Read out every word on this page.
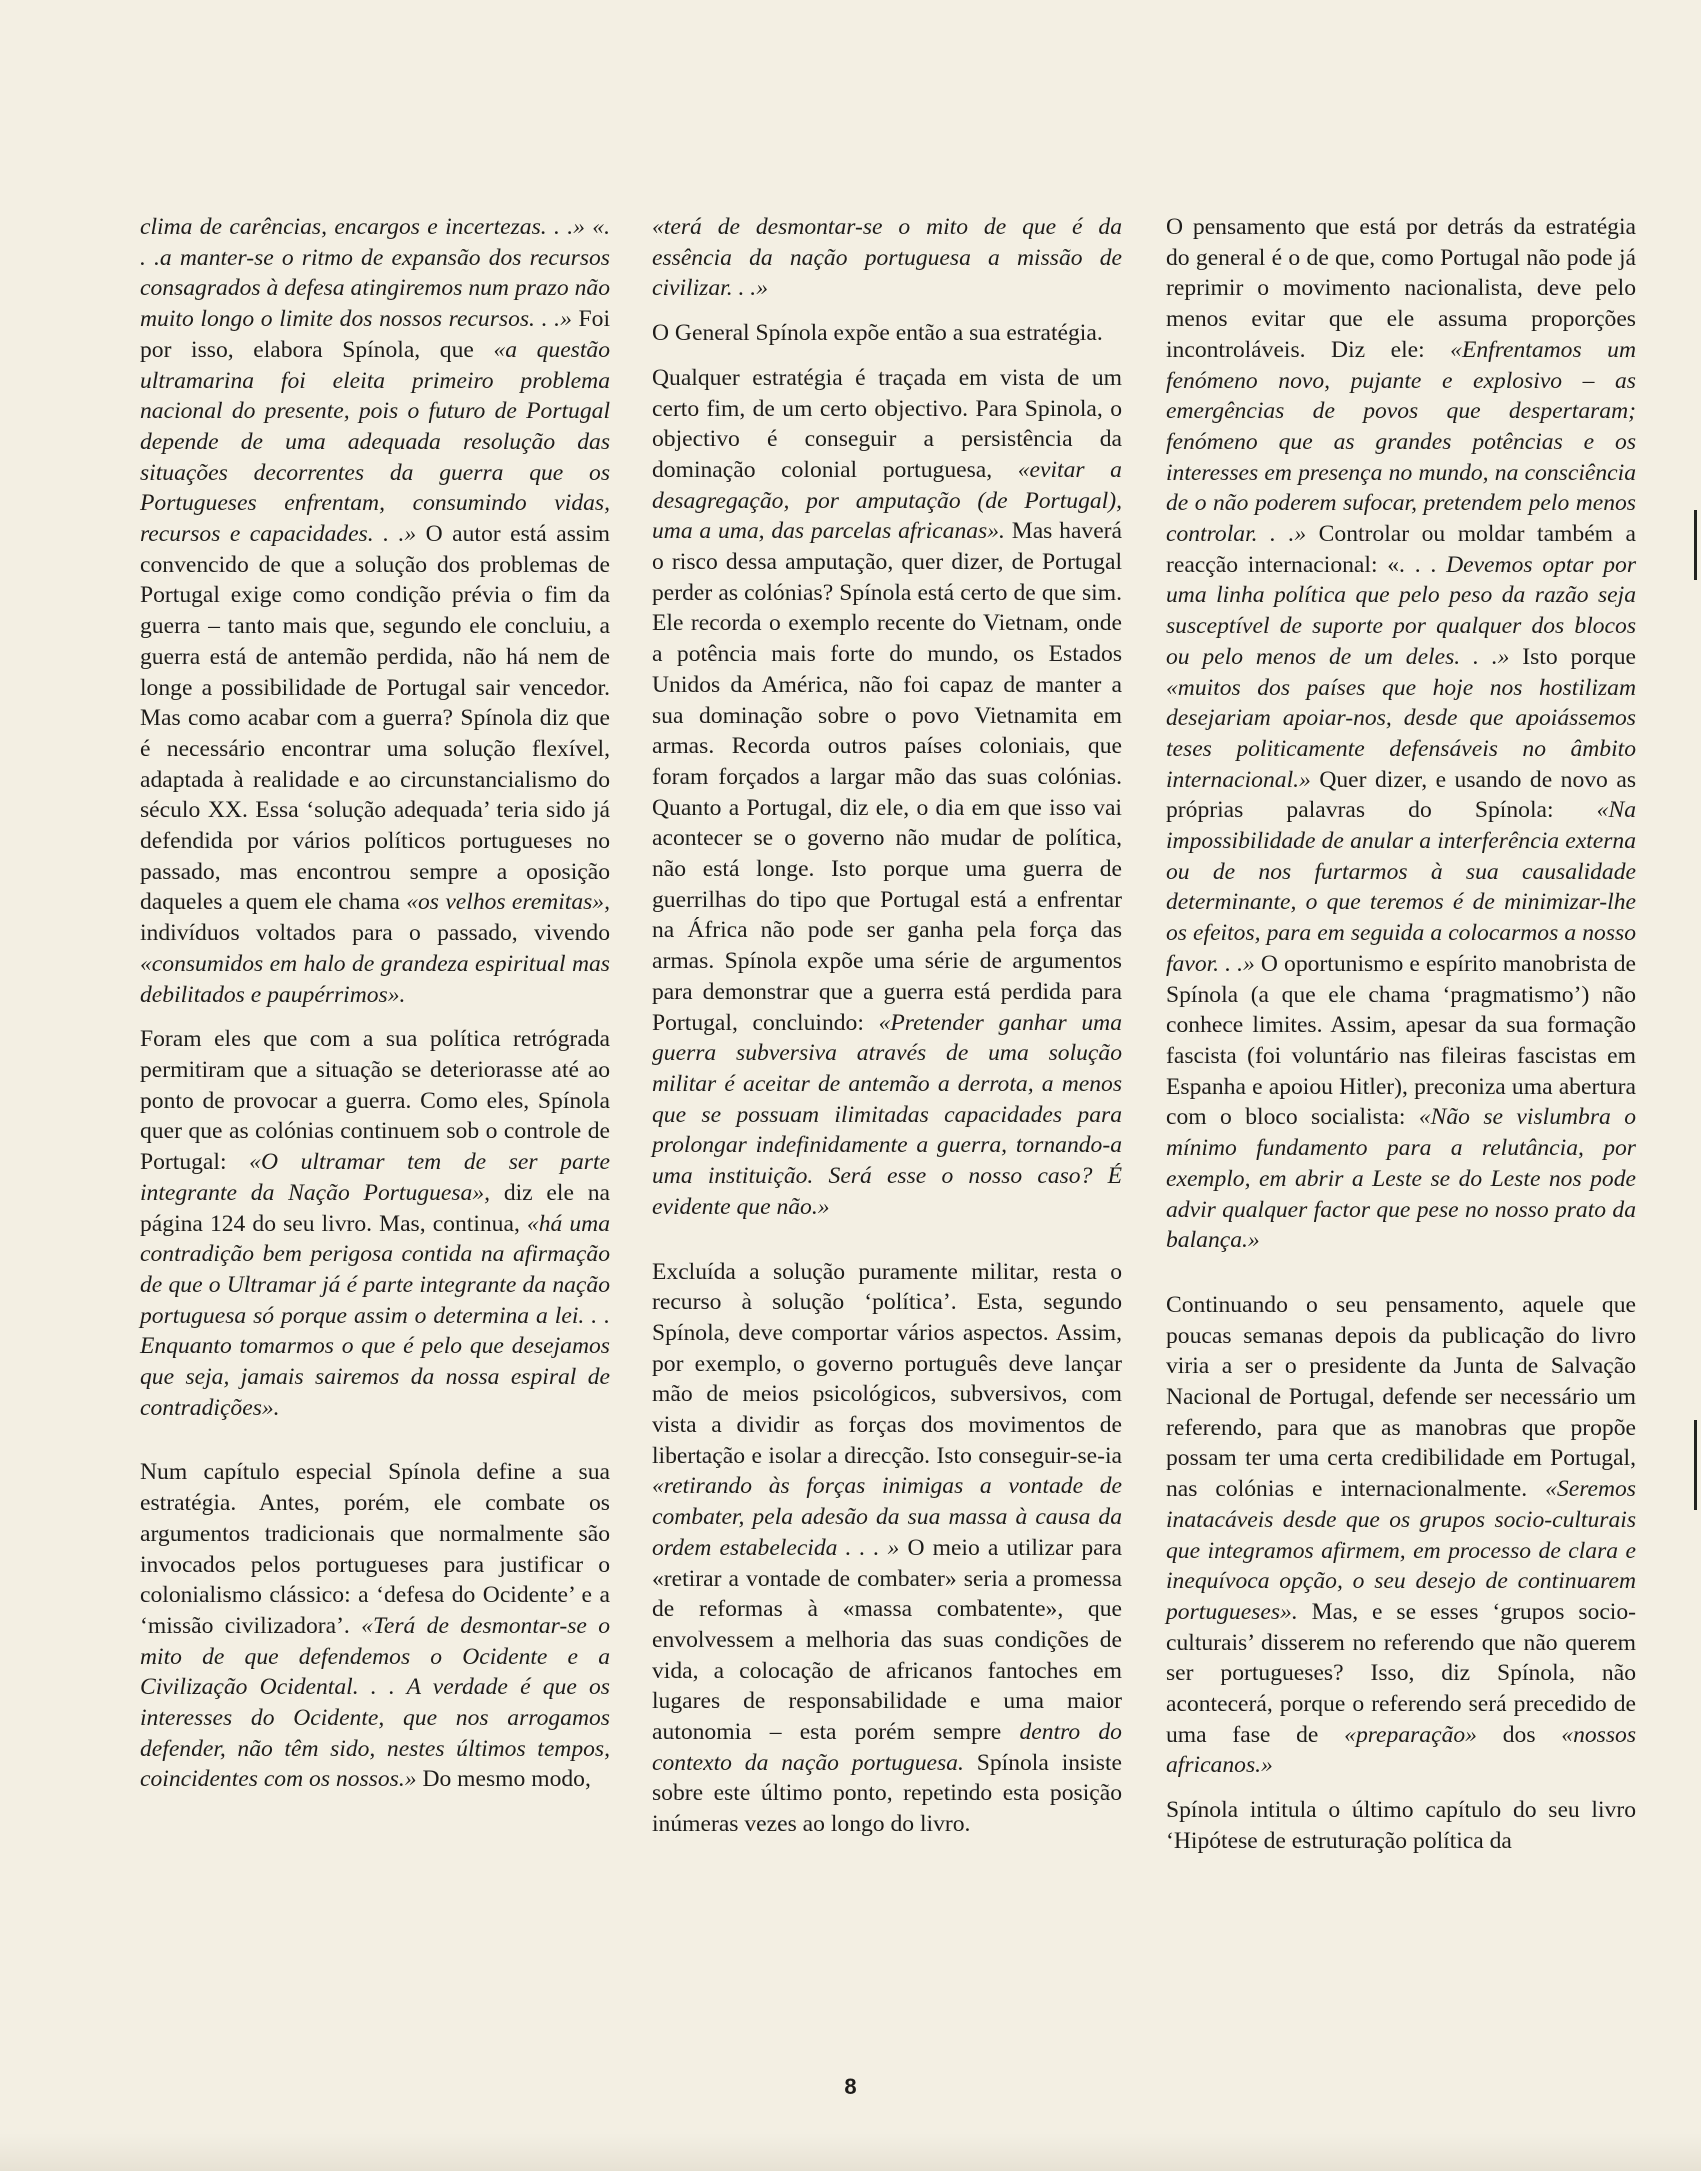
clima de carências, encargos e incertezas. . .» «. . .a manter-se o ritmo de expansão dos recursos consagrados à defesa atingiremos num prazo não muito longo o limite dos nossos recursos. . .» Foi por isso, elabora Spínola, que «a questão ultramarina foi eleita primeiro problema nacional do presente, pois o futuro de Portugal depende de uma adequada resolução das situações decorrentes da guerra que os Portugueses enfrentam, consumindo vidas, recursos e capacidades. . .» O autor está assim convencido de que a solução dos problemas de Portugal exige como condição prévia o fim da guerra – tanto mais que, segundo ele concluiu, a guerra está de antemão perdida, não há nem de longe a possibilidade de Portugal sair vencedor. Mas como acabar com a guerra? Spínola diz que é necessário encontrar uma solução flexível, adaptada à realidade e ao circunstancialismo do século XX. Essa ‘solução adequada’ teria sido já defendida por vários políticos portugueses no passado, mas encontrou sempre a oposição daqueles a quem ele chama «os velhos eremitas», indivíduos voltados para o passado, vivendo «consumidos em halo de grandeza espiritual mas debilitados e paupérrimos».

Foram eles que com a sua política retrógrada permitiram que a situação se deteriorasse até ao ponto de provocar a guerra. Como eles, Spínola quer que as colónias continuem sob o controle de Portugal: «O ultramar tem de ser parte integrante da Nação Portuguesa», diz ele na página 124 do seu livro. Mas, continua, «há uma contradição bem perigosa contida na afirmação de que o Ultramar já é parte integrante da nação portuguesa só porque assim o determina a lei. . . Enquanto tomarmos o que é pelo que desejamos que seja, jamais sairemos da nossa espiral de contradições».

Num capítulo especial Spínola define a sua estratégia. Antes, porém, ele combate os argumentos tradicionais que normalmente são invocados pelos portugueses para justificar o colonialismo clássico: a ‘defesa do Ocidente’ e a ‘missão civilizadora’. «Terá de desmontar-se o mito de que defendemos o Ocidente e a Civilização Ocidental. . . A verdade é que os interesses do Ocidente, que nos arrogamos defender, não têm sido, nestes últimos tempos, coincidentes com os nossos.» Do mesmo modo,

«terá de desmontar-se o mito de que é da essência da nação portuguesa a missão de civilizar. . .»

O General Spínola expõe então a sua estratégia.

Qualquer estratégia é traçada em vista de um certo fim, de um certo objectivo. Para Spinola, o objectivo é conseguir a persistência da dominação colonial portuguesa, «evitar a desagregação, por amputação (de Portugal), uma a uma, das parcelas africanas». Mas haverá o risco dessa amputação, quer dizer, de Portugal perder as colónias? Spínola está certo de que sim. Ele recorda o exemplo recente do Vietnam, onde a potência mais forte do mundo, os Estados Unidos da América, não foi capaz de manter a sua dominação sobre o povo Vietnamita em armas. Recorda outros países coloniais, que foram forçados a largar mão das suas colónias. Quanto a Portugal, diz ele, o dia em que isso vai acontecer se o governo não mudar de política, não está longe. Isto porque uma guerra de guerrilhas do tipo que Portugal está a enfrentar na África não pode ser ganha pela força das armas. Spínola expõe uma série de argumentos para demonstrar que a guerra está perdida para Portugal, concluindo: «Pretender ganhar uma guerra subversiva através de uma solução militar é aceitar de antemão a derrota, a menos que se possuam ilimitadas capacidades para prolongar indefinidamente a guerra, tornando-a uma instituição. Será esse o nosso caso? É evidente que não.»

Excluída a solução puramente militar, resta o recurso à solução ‘política’. Esta, segundo Spínola, deve comportar vários aspectos. Assim, por exemplo, o governo português deve lançar mão de meios psicológicos, subversivos, com vista a dividir as forças dos movimentos de libertação e isolar a direcção. Isto conseguir-se-ia «retirando às forças inimigas a vontade de combater, pela adesão da sua massa à causa da ordem estabelecida . . . » O meio a utilizar para «retirar a vontade de combater» seria a promessa de reformas à «massa combatente», que envolvessem a melhoria das suas condições de vida, a colocação de africanos fantoches em lugares de responsabilidade e uma maior autonomia – esta porém sempre dentro do contexto da nação portuguesa. Spínola insiste sobre este último ponto, repetindo esta posição inúmeras vezes ao longo do livro.

O pensamento que está por detrás da estratégia do general é o de que, como Portugal não pode já reprimir o movimento nacionalista, deve pelo menos evitar que ele assuma proporções incontroláveis. Diz ele: «Enfrentamos um fenómeno novo, pujante e explosivo – as emergências de povos que despertaram; fenómeno que as grandes potências e os interesses em presença no mundo, na consciência de o não poderem sufocar, pretendem pelo menos controlar. . .» Controlar ou moldar também a reacção internacional: «. . . Devemos optar por uma linha política que pelo peso da razão seja susceptível de suporte por qualquer dos blocos ou pelo menos de um deles. . .» Isto porque «muitos dos países que hoje nos hostilizam desejariam apoiar-nos, desde que apoiássemos teses politicamente defensáveis no âmbito internacional.» Quer dizer, e usando de novo as próprias palavras do Spínola: «Na impossibilidade de anular a interferência externa ou de nos furtarmos à sua causalidade determinante, o que teremos é de minimizar-lhe os efeitos, para em seguida a colocarmos a nosso favor. . .» O oportunismo e espírito manobrista de Spínola (a que ele chama ‘pragmatismo’) não conhece limites. Assim, apesar da sua formação fascista (foi voluntário nas fileiras fascistas em Espanha e apoiou Hitler), preconiza uma abertura com o bloco socialista: «Não se vislumbra o mínimo fundamento para a relutância, por exemplo, em abrir a Leste se do Leste nos pode advir qualquer factor que pese no nosso prato da balança.»

Continuando o seu pensamento, aquele que poucas semanas depois da publicação do livro viria a ser o presidente da Junta de Salvação Nacional de Portugal, defende ser necessário um referendo, para que as manobras que propõe possam ter uma certa credibilidade em Portugal, nas colónias e internacionalmente. «Seremos inatacáveis desde que os grupos socio-culturais que integramos afirmem, em processo de clara e inequívoca opção, o seu desejo de continuarem portugueses». Mas, e se esses ‘grupos socio-culturais’ disserem no referendo que não querem ser portugueses? Isso, diz Spínola, não acontecerá, porque o referendo será precedido de uma fase de «preparação» dos «nossos africanos.»

Spínola intitula o último capítulo do seu livro ‘Hipótese de estruturação política da

8
